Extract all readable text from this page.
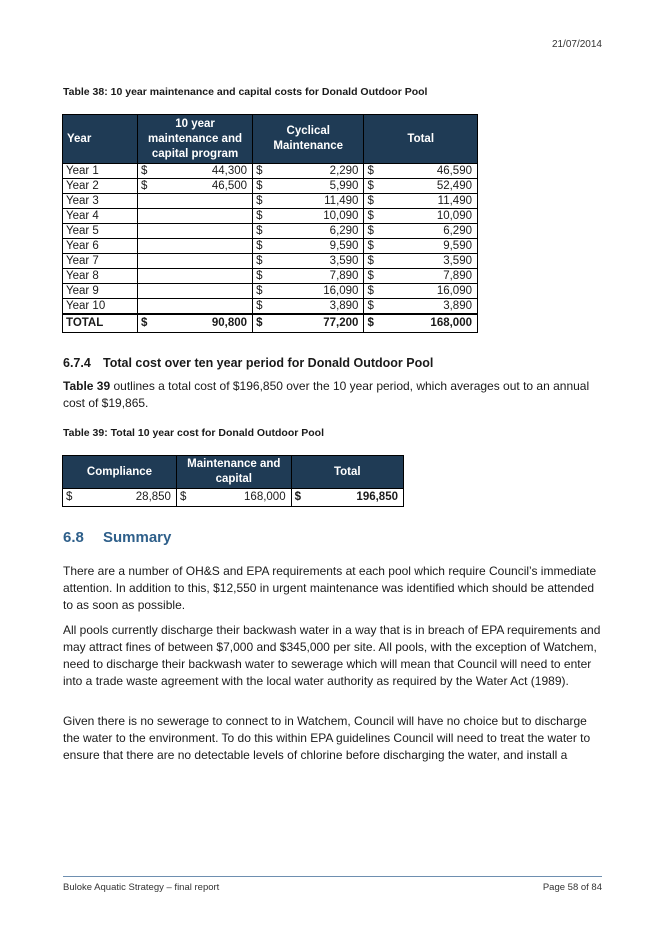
21/07/2014
Table 38: 10 year maintenance and capital costs for Donald Outdoor Pool
Year	10 year maintenance and capital program		Cyclical Maintenance		Total	
Year 1	$	44,300	$	2,290	$	46,590
Year 2	$	46,500	$	5,990	$	52,490
Year 3			$	11,490	$	11,490
Year 4			$	10,090	$	10,090
Year 5			$	6,290	$	6,290
Year 6			$	9,590	$	9,590
Year 7			$	3,590	$	3,590
Year 8			$	7,890	$	7,890
Year 9			$	16,090	$	16,090
Year 10			$	3,890	$	3,890
TOTAL	$	90,800	$	77,200	$	168,000
6.7.4 Total cost over ten year period for Donald Outdoor Pool
Table 39 outlines a total cost of $196,850 over the 10 year period, which averages out to an annual cost of $19,865.
Table 39: Total 10 year cost for Donald Outdoor Pool
Compliance		Maintenance and capital		Total	
$	28,850	$	168,000	$	196,850
6.8 Summary
There are a number of OH&S and EPA requirements at each pool which require Council’s immediate attention. In addition to this, $12,550 in urgent maintenance was identified which should be attended to as soon as possible.
All pools currently discharge their backwash water in a way that is in breach of EPA requirements and may attract fines of between $7,000 and $345,000 per site. All pools, with the exception of Watchem, need to discharge their backwash water to sewerage which will mean that Council will need to enter into a trade waste agreement with the local water authority as required by the Water Act (1989).
Given there is no sewerage to connect to in Watchem, Council will have no choice but to discharge the water to the environment. To do this within EPA guidelines Council will need to treat the water to ensure that there are no detectable levels of chlorine before discharging the water, and install a
Buloke Aquatic Strategy – final report	Page 58 of 84
